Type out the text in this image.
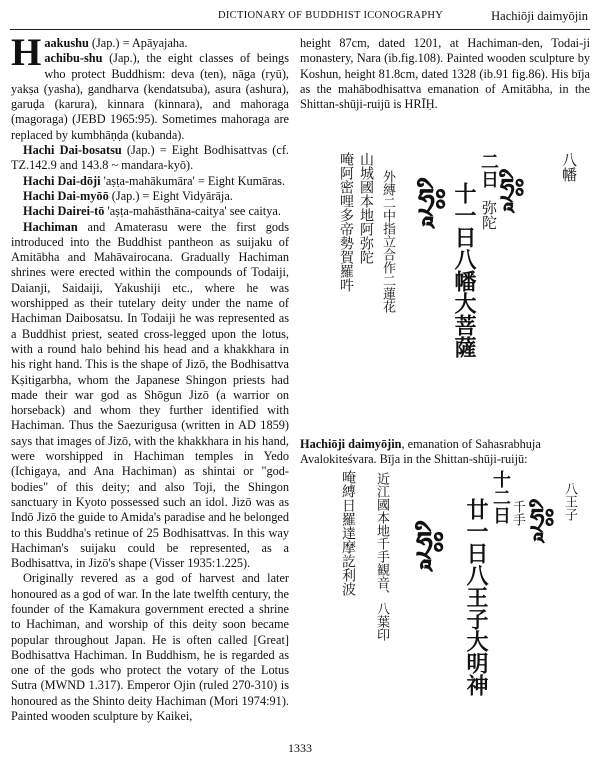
DICTIONARY OF BUDDHIST ICONOGRAPHY	Hachiōji daimyōjin

Haakushu (Jap.) = Apāyajaha.

achibu-shu (Jap.), the eight classes of beings who protect Buddhism: deva (ten), nāga (ryū), yakṣa (yasha), gandharva (kendatsuba), asura (ashura), garuḍa (karura), kinnara (kinnara), and mahoraga (magoraga) (JEBD 1965:95). Sometimes mahoraga are replaced by kumbhāṇḍa (kubanda).

Hachi Dai-bosatsu (Jap.) = Eight Bodhisattvas (cf. TZ.142.9 and 143.8 ~ mandara-kyō).

Hachi Dai-dōji 'aṣṭa-mahākumāra' = Eight Kumāras.

Hachi Dai-myōō (Jap.) = Eight Vidyārāja.

Hachi Dairei-tō 'aṣṭa-mahāsthāna-caitya' see caitya.

Hachiman and Amaterasu were the first gods introduced into the Buddhist pantheon as suijaku of Amitābha and Mahāvairocana. Gradually Hachiman shrines were erected within the compounds of Todaiji, Daianji, Saidaiji, Yakushiji etc., where he was worshipped as their tutelary deity under the name of Hachiman Daibosatsu. In Todaiji he was represented as a Buddhist priest, seated cross-legged upon the lotus, with a round halo behind his head and a khakkhara in his right hand. This is the shape of Jizō, the Bodhisattva Kṣitigarbha, whom the Japanese Shingon priests had made their war god as Shōgun Jizō (a warrior on horseback) and whom they further identified with Hachiman. Thus the Saezurigusa (written in AD 1859) says that images of Jizō, with the khakkhara in his hand, were worshipped in Hachiman temples in Yedo (Ichigaya, and Ana Hachiman) as shintai or "god-bodies" of this deity; and also Toji, the Shingon sanctuary in Kyoto possessed such an idol. Jizō was as Indō Jizō the guide to Amida's paradise and he belonged to this Buddha's retinue of 25 Bodhisattvas. In this way Hachiman's suijaku could be represented, as a Bodhisattva, in Jizō's shape (Visser 1935:1.225).

Originally revered as a god of harvest and later honoured as a god of war. In the late twelfth century, the founder of the Kamakura government erected a shrine to Hachiman, and worship of this deity soon became popular throughout Japan. He is often called [Great] Bodhisattva Hachiman. In Buddhism, he is regarded as one of the gods who protect the votary of the Lotus Sutra (MWND 1.317). Emperor Ojin (ruled 270-310) is honoured as the Shinto deity Hachiman (Mori 1974:91). Painted wooden sculpture by Kaikei,

height 87cm, dated 1201, at Hachiman-den, Todai-ji monastery, Nara (ib.fig.108). Painted wooden sculpture by Koshun, height 81.8cm, dated 1328 (ib.91 fig.86). His bīja as the mahābodhisattva emanation of Amitābha, in the Shittan-shūji-ruijū is HRĪḤ.

唵阿密哩多帝勢賀羅吽 山城國本地阿弥陀 外縛二中指立合作二蓮花 ཧྲཱིཿ
二日
十一日八幡大菩薩 弥陀
ཧྲཱིཿ
八幡
Hachiōji daimyōjin, emanation of Sahasrabhuja Avalokiteśvara. Bīja in the Shittan-shūji-ruijū:
唵縛日羅達摩訖利波 近江國本地千手観音、八葉印 ཧྲཱིཿ
十二日
廿一日八王子大明神 千手 ཧྲཱིཿ 八王子
1333
